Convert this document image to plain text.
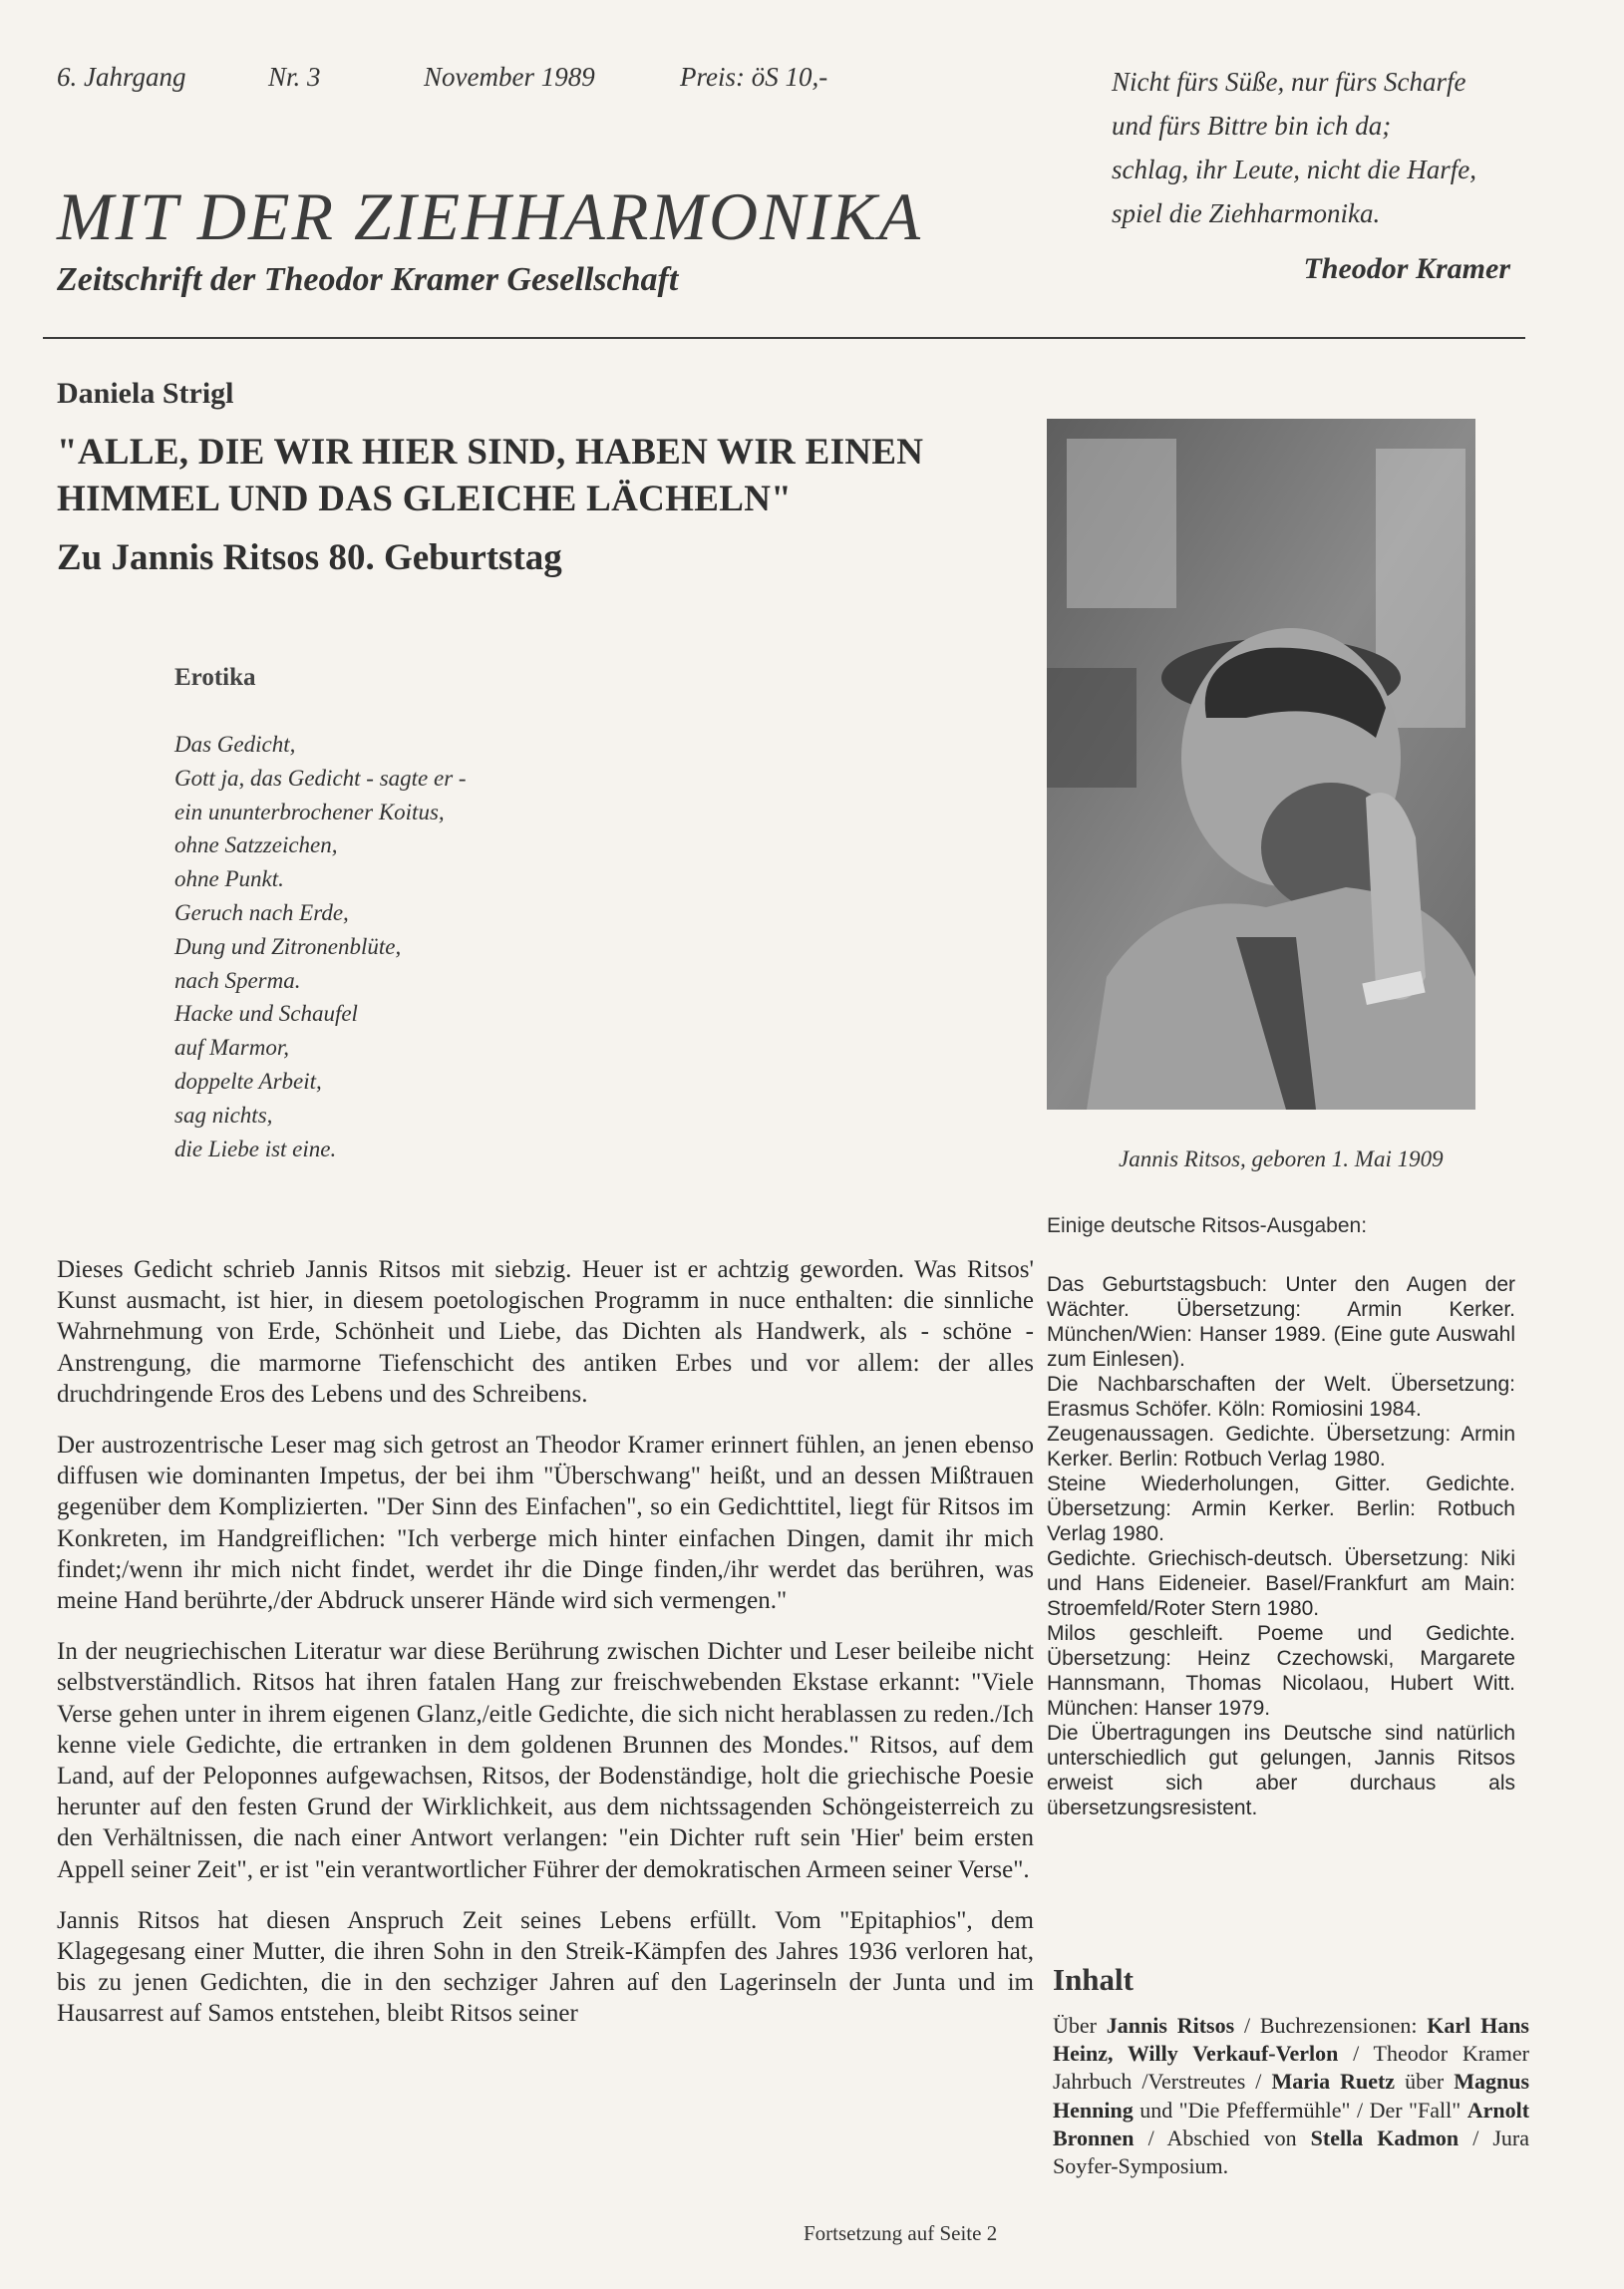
6. Jahrgang	Nr. 3	November 1989	Preis: öS 10,-
MIT DER ZIEHHARMONIKA
Zeitschrift der Theodor Kramer Gesellschaft
Nicht fürs Süße, nur fürs Scharfe
und fürs Bittre bin ich da;
schlag, ihr Leute, nicht die Harfe,
spiel die Ziehharmonika.
Theodor Kramer
Daniela Strigl
"ALLE, DIE WIR HIER SIND, HABEN WIR EINEN
HIMMEL UND DAS GLEICHE LÄCHELN"
Zu Jannis Ritsos 80. Geburtstag
Erotika
Das Gedicht,
Gott ja, das Gedicht - sagte er -
ein ununterbrochener Koitus,
ohne Satzzeichen,
ohne Punkt.
Geruch nach Erde,
Dung und Zitronenblüte,
nach Sperma.
Hacke und Schaufel
auf Marmor,
doppelte Arbeit,
sag nichts,
die Liebe ist eine.	Jannis Ritsos, geboren 1. Mai 1909

Dieses Gedicht schrieb Jannis Ritsos mit siebzig. Heuer ist er achtzig geworden. Was Ritsos' Kunst ausmacht, ist hier, in diesem poetologischen Programm in nuce enthalten: die sinnliche Wahrnehmung von Erde, Schönheit und Liebe, das Dichten als Handwerk, als - schöne - Anstrengung, die marmorne Tiefenschicht des antiken Erbes und vor allem: der alles druchdringende Eros des Lebens und des Schreibens.

Der austrozentrische Leser mag sich getrost an Theodor Kramer erinnert fühlen, an jenen ebenso diffusen wie dominanten Impetus, der bei ihm "Überschwang" heißt, und an dessen Mißtrauen gegenüber dem Komplizierten. "Der Sinn des Einfachen", so ein Gedichttitel, liegt für Ritsos im Konkreten, im Handgreiflichen: "Ich verberge mich hinter einfachen Dingen, damit ihr mich findet;/wenn ihr mich nicht findet, werdet ihr die Dinge finden,/ihr werdet das berühren, was meine Hand berührte,/der Abdruck unserer Hände wird sich vermengen."

In der neugriechischen Literatur war diese Berührung zwischen Dichter und Leser beileibe nicht selbstverständlich. Ritsos hat ihren fatalen Hang zur freischwebenden Ekstase erkannt: "Viele Verse gehen unter in ihrem eigenen Glanz,/eitle Gedichte, die sich nicht herablassen zu reden./Ich kenne viele Gedichte, die ertranken in dem goldenen Brunnen des Mondes." Ritsos, auf dem Land, auf der Peloponnes aufgewachsen, Ritsos, der Bodenständige, holt die griechische Poesie herunter auf den festen Grund der Wirklichkeit, aus dem nichtssagenden Schöngeisterreich zu den Verhältnissen, die nach einer Antwort verlangen: "ein Dichter ruft sein 'Hier' beim ersten Appell seiner Zeit", er ist "ein verantwortlicher Führer der demokratischen Armeen seiner Verse".

Jannis Ritsos hat diesen Anspruch Zeit seines Lebens erfüllt. Vom "Epitaphios", dem Klagegesang einer Mutter, die ihren Sohn in den Streik-Kämpfen des Jahres 1936 verloren hat, bis zu jenen Gedichten, die in den sechziger Jahren auf den Lagerinseln der Junta und im Hausarrest auf Samos entstehen, bleibt Ritsos seiner

Fortsetzung auf Seite 2
Einige deutsche Ritsos-Ausgaben:

Das Geburtstagsbuch: Unter den Augen der Wächter. Übersetzung: Armin Kerker. München/Wien: Hanser 1989. (Eine gute Auswahl zum Einlesen).

Die Nachbarschaften der Welt. Übersetzung: Erasmus Schöfer. Köln: Romiosini 1984.

Zeugenaussagen. Gedichte. Übersetzung: Armin Kerker. Berlin: Rotbuch Verlag 1980.

Steine Wiederholungen, Gitter. Gedichte. Übersetzung: Armin Kerker. Berlin: Rotbuch Verlag 1980.

Gedichte. Griechisch-deutsch. Übersetzung: Niki und Hans Eideneier. Basel/Frankfurt am Main: Stroemfeld/Roter Stern 1980.

Milos geschleift. Poeme und Gedichte. Übersetzung: Heinz Czechowski, Margarete Hannsmann, Thomas Nicolaou, Hubert Witt. München: Hanser 1979.

Die Übertragungen ins Deutsche sind natürlich unterschiedlich gut gelungen, Jannis Ritsos erweist sich aber durchaus als übersetzungsresistent.

Inhalt
Über Jannis Ritsos / Buchrezensionen: Karl Hans Heinz, Willy Verkauf-Verlon / Theodor Kramer Jahrbuch /Verstreutes / Maria Ruetz über Magnus Henning und "Die Pfeffermühle" / Der "Fall" Arnolt Bronnen / Abschied von Stella Kadmon / Jura Soyfer-Symposium.
